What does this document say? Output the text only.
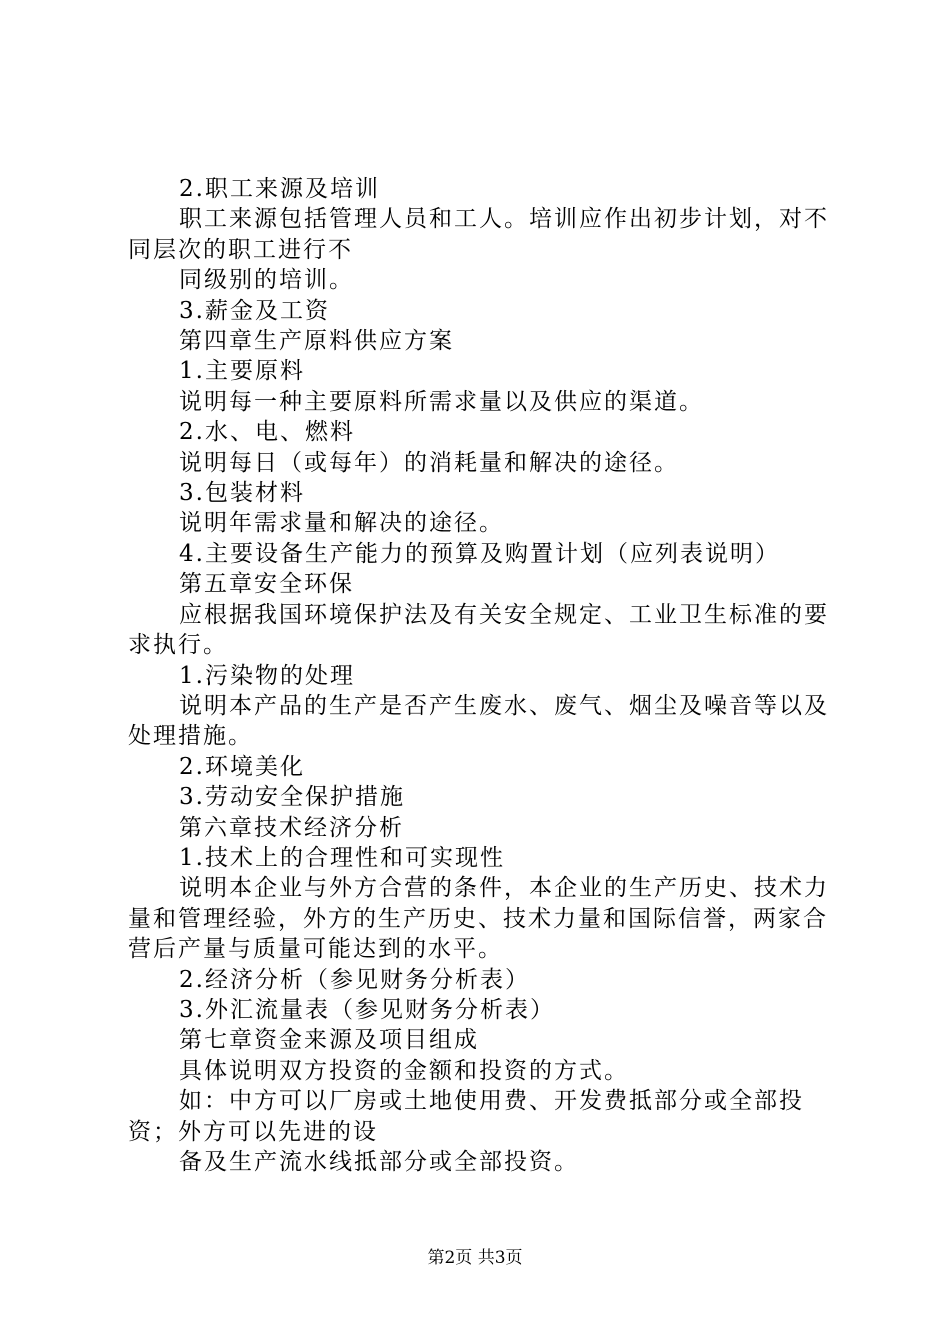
2.职工来源及培训

职工来源包括管理人员和工人。培训应作出初步计划，对不同层次的职工进行不

同级别的培训。

3.薪金及工资

第四章生产原料供应方案

1.主要原料

说明每一种主要原料所需求量以及供应的渠道。

2.水、电、燃料

说明每日（或每年）的消耗量和解决的途径。

3.包装材料

说明年需求量和解决的途径。

4.主要设备生产能力的预算及购置计划（应列表说明）

第五章安全环保

应根据我国环境保护法及有关安全规定、工业卫生标准的要求执行。

1.污染物的处理

说明本产品的生产是否产生废水、废气、烟尘及噪音等以及处理措施。

2.环境美化

3.劳动安全保护措施

第六章技术经济分析

1.技术上的合理性和可实现性

说明本企业与外方合营的条件，本企业的生产历史、技术力量和管理经验，外方的生产历史、技术力量和国际信誉，两家合营后产量与质量可能达到的水平。

2.经济分析（参见财务分析表）

3.外汇流量表（参见财务分析表）

第七章资金来源及项目组成

具体说明双方投资的金额和投资的方式。

如：中方可以厂房或土地使用费、开发费抵部分或全部投资；外方可以先进的设

备及生产流水线抵部分或全部投资。

第2页 共3页
